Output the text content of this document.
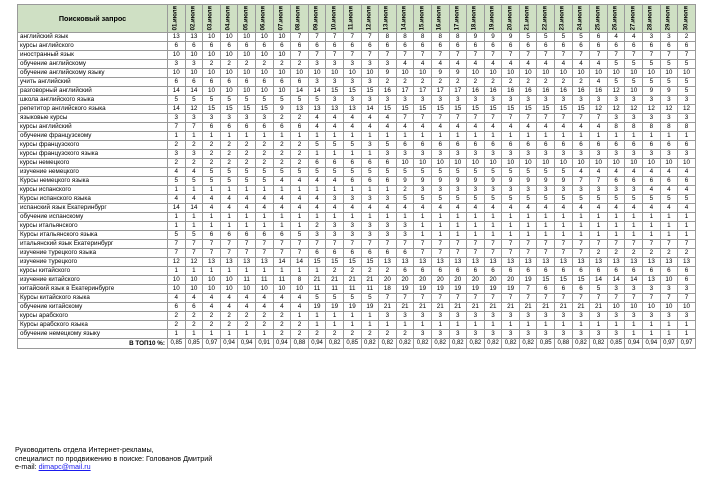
Поисковый запрос	01.июля	02.июля	03.июля	04.июля	05.июля	06.июля	07.июля	08.июля	09.июля	10.июля	11.июля	12.июля	13.июля	14.июля	15.июля	16.июля	17.июля	18.июля	19.июля	20.июля	21.июля	22.июля	23.июля	24.июля	25.июля	26.июля	27.июля	28.июля	29.июля	30.июля

английский язык	13	13	10	10	10	10	10	7	7	7	7	7	8	8	8	8	8	9	9	9	5	5	5	5	6	4	4	3	3	2
курсы английского	6	6	6	6	6	6	6	6	6	6	6	6	6	6	6	6	6	6	6	6	6	6	6	6	6	6	6	6	6	6
иностранный язык	10	10	10	10	10	10	10	7	7	7	7	7	7	7	7	7	7	7	7	7	7	7	7	7	7	7	7	7	7	7
обучение английскому	3	3	2	2	2	2	2	2	3	3	3	3	3	4	4	4	4	4	4	4	4	4	4	4	4	5	5	5	5	5
обучение английскому языку	10	10	10	10	10	10	10	10	10	10	10	10	9	10	10	9	9	10	10	10	10	10	10	10	10	10	10	10	10	10
учить английский	6	6	6	6	6	6	6	6	3	3	3	3	2	2	2	2	2	2	2	2	2	2	2	2	4	5	5	5	5	5
разговорный английский	14	14	10	10	10	10	10	14	14	15	15	15	16	17	17	17	17	16	16	16	16	16	16	16	16	12	10	9	9	5
школа английского языка	5	5	5	5	5	5	5	5	5	3	3	3	3	3	3	3	3	3	3	3	3	3	3	3	3	3	3	3	3	3
репетитор английского языка	14	12	15	15	15	15	9	13	13	13	13	14	15	15	15	15	15	15	15	15	15	15	15	15	12	12	12	12	12	12
языковые курсы	3	3	3	3	3	3	2	2	4	4	4	4	4	7	7	7	7	7	7	7	7	7	7	7	7	3	3	3	3	3
курсы английский	7	7	6	6	6	6	6	6	4	4	4	4	4	4	4	4	4	4	4	4	4	4	4	4	4	8	8	8	8	8
обучение французскому	1	1	1	1	1	1	1	1	1	1	1	1	1	1	1	1	1	1	1	1	1	1	1	1	1	1	1	1	1	1
курсы французского	2	2	2	2	2	2	2	2	5	5	5	3	5	6	6	6	6	6	6	6	6	6	6	6	6	6	6	6	6	6
курсы французского языка	3	3	2	2	2	2	2	2	1	1	1	1	3	3	3	3	3	3	3	3	3	3	3	3	3	3	3	3	3	3
курсы немецкого	2	2	2	2	2	2	2	2	6	6	6	6	6	10	10	10	10	10	10	10	10	10	10	10	10	10	10	10	10	10
изучение немецкого	4	4	5	5	5	5	5	5	5	5	5	5	5	5	5	5	5	5	5	5	5	5	5	4	4	4	4	4	4	4
Курсы немецкого языка	5	5	5	5	5	5	4	4	4	4	6	6	6	9	9	9	9	9	9	9	9	9	9	7	7	6	6	6	6	6
курсы испанского	1	1	1	1	1	1	1	1	1	1	1	1	1	2	3	3	3	3	3	3	3	3	3	3	3	3	3	4	4	4
Курсы испанского языка	4	4	4	4	4	4	4	4	4	3	3	3	3	5	5	5	5	5	5	5	5	5	5	5	5	5	5	5	5	5
испанский язык Екатеринбург	14	14	4	4	4	4	4	4	4	4	4	4	4	4	4	4	4	4	4	4	4	4	4	4	4	4	4	4	4	4
обучение испанскому	1	1	1	1	1	1	1	1	1	1	1	1	1	1	1	1	1	1	1	1	1	1	1	1	1	1	1	1	1	1
курсы итальянского	1	1	1	1	1	1	1	1	2	3	3	3	3	3	1	1	1	1	1	1	1	1	1	1	1	1	1	1	1	1
Курсы итальянского языка	5	5	6	6	6	6	6	5	3	3	3	3	3	3	1	1	1	1	1	1	1	1	1	1	1	1	1	1	1	1
итальянский язык Екатеринбург	7	7	7	7	7	7	7	7	7	7	7	7	7	7	7	7	7	7	7	7	7	7	7	7	7	7	7	7	7	7
изучение турецкого языка	7	7	7	7	7	7	7	7	6	6	6	6	6	6	7	7	7	7	7	7	7	7	7	7	2	2	2	2	2	2
изучение турецкого	12	12	13	13	13	13	14	14	15	15	15	15	13	13	13	13	13	13	13	13	13	13	13	13	13	13	13	13	13	13
курсы китайского	1	1	1	1	1	1	1	1	1	2	2	2	2	6	6	6	6	6	6	6	6	6	6	6	6	6	6	6	6	6
изучение китайского	10	10	10	10	11	11	11	8	21	21	21	21	20	20	20	20	20	20	20	20	19	15	15	15	14	14	14	13	10	6
китайский язык в Екатеринбурге	10	10	10	10	10	10	10	10	11	11	11	11	18	19	19	19	19	19	19	19	7	6	6	6	5	3	3	3	3	3
Курсы китайского языка	4	4	4	4	4	4	4	4	5	5	5	5	7	7	7	7	7	7	7	7	7	7	7	7	7	7	7	7	7	7
обучение китайскому	6	6	4	4	4	4	4	4	19	19	19	19	21	21	21	21	21	21	21	21	21	21	21	21	21	10	10	10	10	10
курсы арабского	2	2	2	2	2	2	2	1	1	1	1	1	3	3	3	3	3	3	3	3	3	3	3	3	3	3	3	3	3	3
Курсы арабского языка	2	2	2	2	2	2	2	2	1	1	1	1	1	1	1	1	1	1	1	1	1	1	1	1	1	1	1	1	1	1
обучение немецкому языку	1	1	1	1	1	1	2	2	2	2	2	2	2	2	3	3	3	3	3	3	3	3	3	3	3	3	1	1	1	1
В ТОП10 %:	0,85	0,85	0,97	0,94	0,94	0,91	0,94	0,88	0,94	0,82	0,85	0,82	0,82	0,82	0,82	0,82	0,82	0,82	0,82	0,82	0,82	0,85	0,88	0,82	0,82	0,85	0,94	0,94	0,97	0,97
Руководитель отдела Интернет-рекламы,
специалист по продвижению в поиске: Голованов Дмитрий
e-mail: dimapc@mail.ru
